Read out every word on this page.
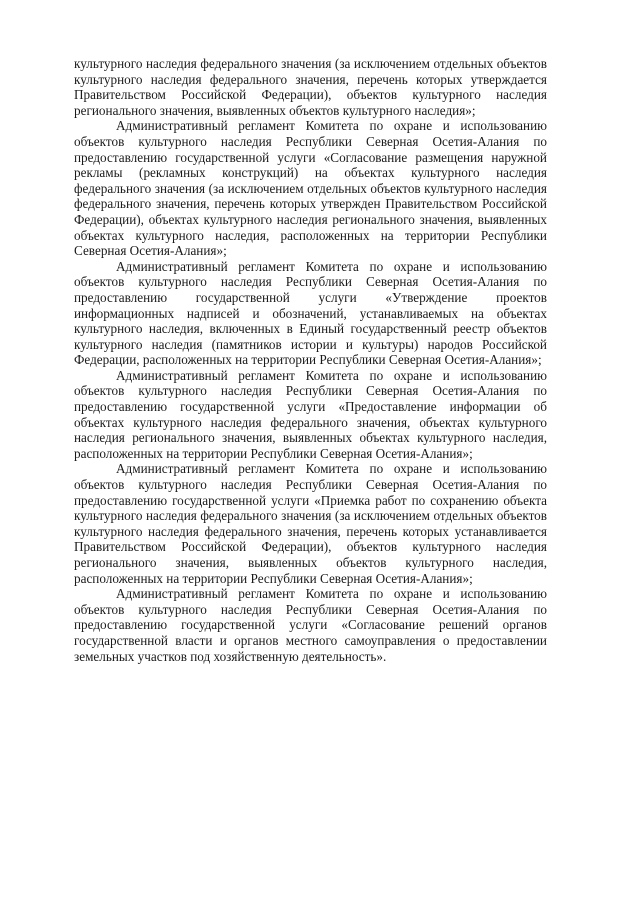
культурного наследия федерального значения (за исключением отдельных объектов культурного наследия федерального значения, перечень которых утверждается Правительством Российской Федерации), объектов культурного наследия регионального значения, выявленных объектов культурного наследия»;

Административный регламент Комитета по охране и использованию объектов культурного наследия Республики Северная Осетия-Алания по предоставлению государственной услуги «Согласование размещения наружной рекламы (рекламных конструкций) на объектах культурного наследия федерального значения (за исключением отдельных объектов культурного наследия федерального значения, перечень которых утвержден Правительством Российской Федерации), объектах культурного наследия регионального значения, выявленных объектах культурного наследия, расположенных на территории Республики Северная Осетия-Алания»;

Административный регламент Комитета по охране и использованию объектов культурного наследия Республики Северная Осетия-Алания по предоставлению государственной услуги «Утверждение проектов информационных надписей и обозначений, устанавливаемых на объектах культурного наследия, включенных в Единый государственный реестр объектов культурного наследия (памятников истории и культуры) народов Российской Федерации, расположенных на территории Республики Северная Осетия-Алания»;

Административный регламент Комитета по охране и использованию объектов культурного наследия Республики Северная Осетия-Алания по предоставлению государственной услуги «Предоставление информации об объектах культурного наследия федерального значения, объектах культурного наследия регионального значения, выявленных объектах культурного наследия, расположенных на территории Республики Северная Осетия-Алания»;

Административный регламент Комитета по охране и использованию объектов культурного наследия Республики Северная Осетия-Алания по предоставлению государственной услуги «Приемка работ по сохранению объекта культурного наследия федерального значения (за исключением отдельных объектов культурного наследия федерального значения, перечень которых устанавливается Правительством Российской Федерации), объектов культурного наследия регионального значения, выявленных объектов культурного наследия, расположенных на территории Республики Северная Осетия-Алания»;

Административный регламент Комитета по охране и использованию объектов культурного наследия Республики Северная Осетия-Алания по предоставлению государственной услуги «Согласование решений органов государственной власти и органов местного самоуправления о предоставлении земельных участков под хозяйственную деятельность».
